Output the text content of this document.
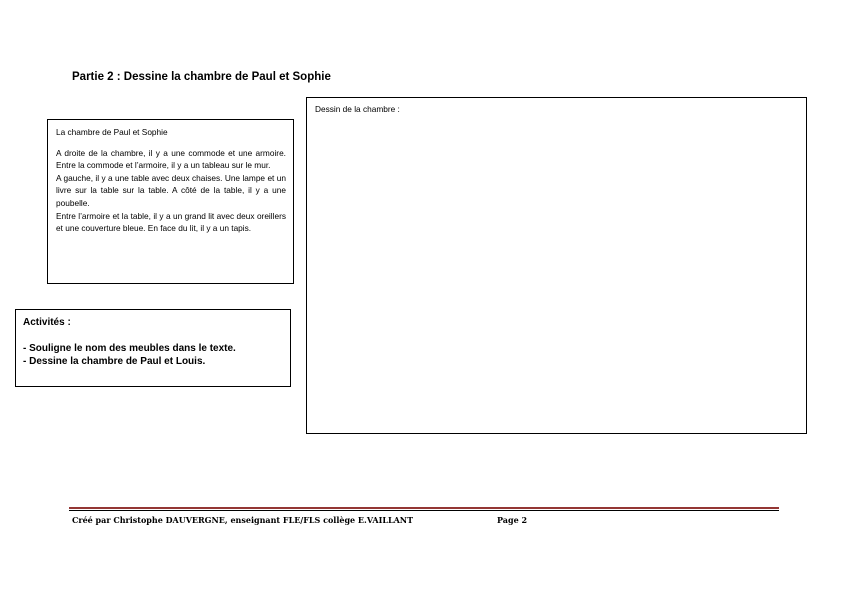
Partie 2 : Dessine la chambre de Paul et Sophie
La chambre de Paul et Sophie

A droite de la chambre, il y a une commode et une armoire. Entre la commode et l’armoire, il y a un tableau sur le mur.

A gauche, il y a une table avec deux chaises. Une lampe et un livre sur la table sur la table. A côté de la table, il y a une poubelle.

Entre l’armoire et la table, il y a un grand lit avec deux oreillers et une couverture bleue. En face du lit, il y a un tapis.

Activités :
- Souligne le nom des meubles dans le texte.
- Dessine la chambre de Paul et Louis.
Dessin de la chambre :
Créé par Christophe DAUVERGNE, enseignant FLE/FLS collège E.VAILLANT	Page 2
